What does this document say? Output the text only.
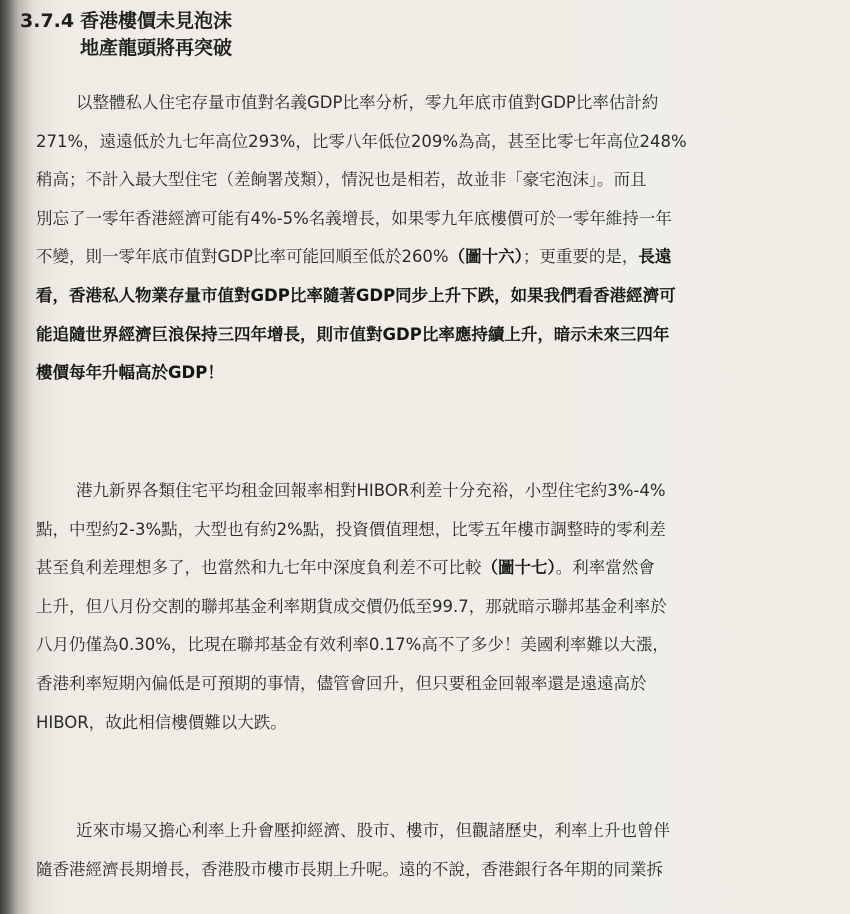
3.7.4 香港樓價未見泡沫
地產龍頭將再突破
以整體私人住宅存量市值對名義GDP比率分析，零九年底市值對GDP比率估計約
271%，遠遠低於九七年高位293%，比零八年低位209%為高，甚至比零七年高位248%
稍高；不計入最大型住宅（差餉署茂類），情況也是相若，故並非「豪宅泡沫」。而且
別忘了一零年香港經濟可能有4%-5%名義增長，如果零九年底樓價可於一零年維持一年
不變，則一零年底市值對GDP比率可能回順至低於260%（圖十六）；更重要的是，長遠
看，香港私人物業存量市值對GDP比率隨著GDP同步上升下跌，如果我們看香港經濟可
能追隨世界經濟巨浪保持三四年增長，則市值對GDP比率應持續上升，暗示未來三四年
樓價每年升幅高於GDP！
港九新界各類住宅平均租金回報率相對HIBOR利差十分充裕，小型住宅約3%-4%
點，中型約2-3%點，大型也有約2%點，投資價值理想，比零五年樓市調整時的零利差
甚至負利差理想多了，也當然和九七年中深度負利差不可比較（圖十七）。利率當然會
上升，但八月份交割的聯邦基金利率期貨成交價仍低至99.7，那就暗示聯邦基金利率於
八月仍僅為0.30%，比現在聯邦基金有效利率0.17%高不了多少！美國利率難以大漲，
香港利率短期內偏低是可預期的事情，儘管會回升，但只要租金回報率還是遠遠高於
HIBOR，故此相信樓價難以大跌。
近來市場又擔心利率上升會壓抑經濟、股市、樓市，但觀諸歷史，利率上升也曾伴
隨香港經濟長期增長，香港股市樓市長期上升呢。遠的不說，香港銀行各年期的同業拆
